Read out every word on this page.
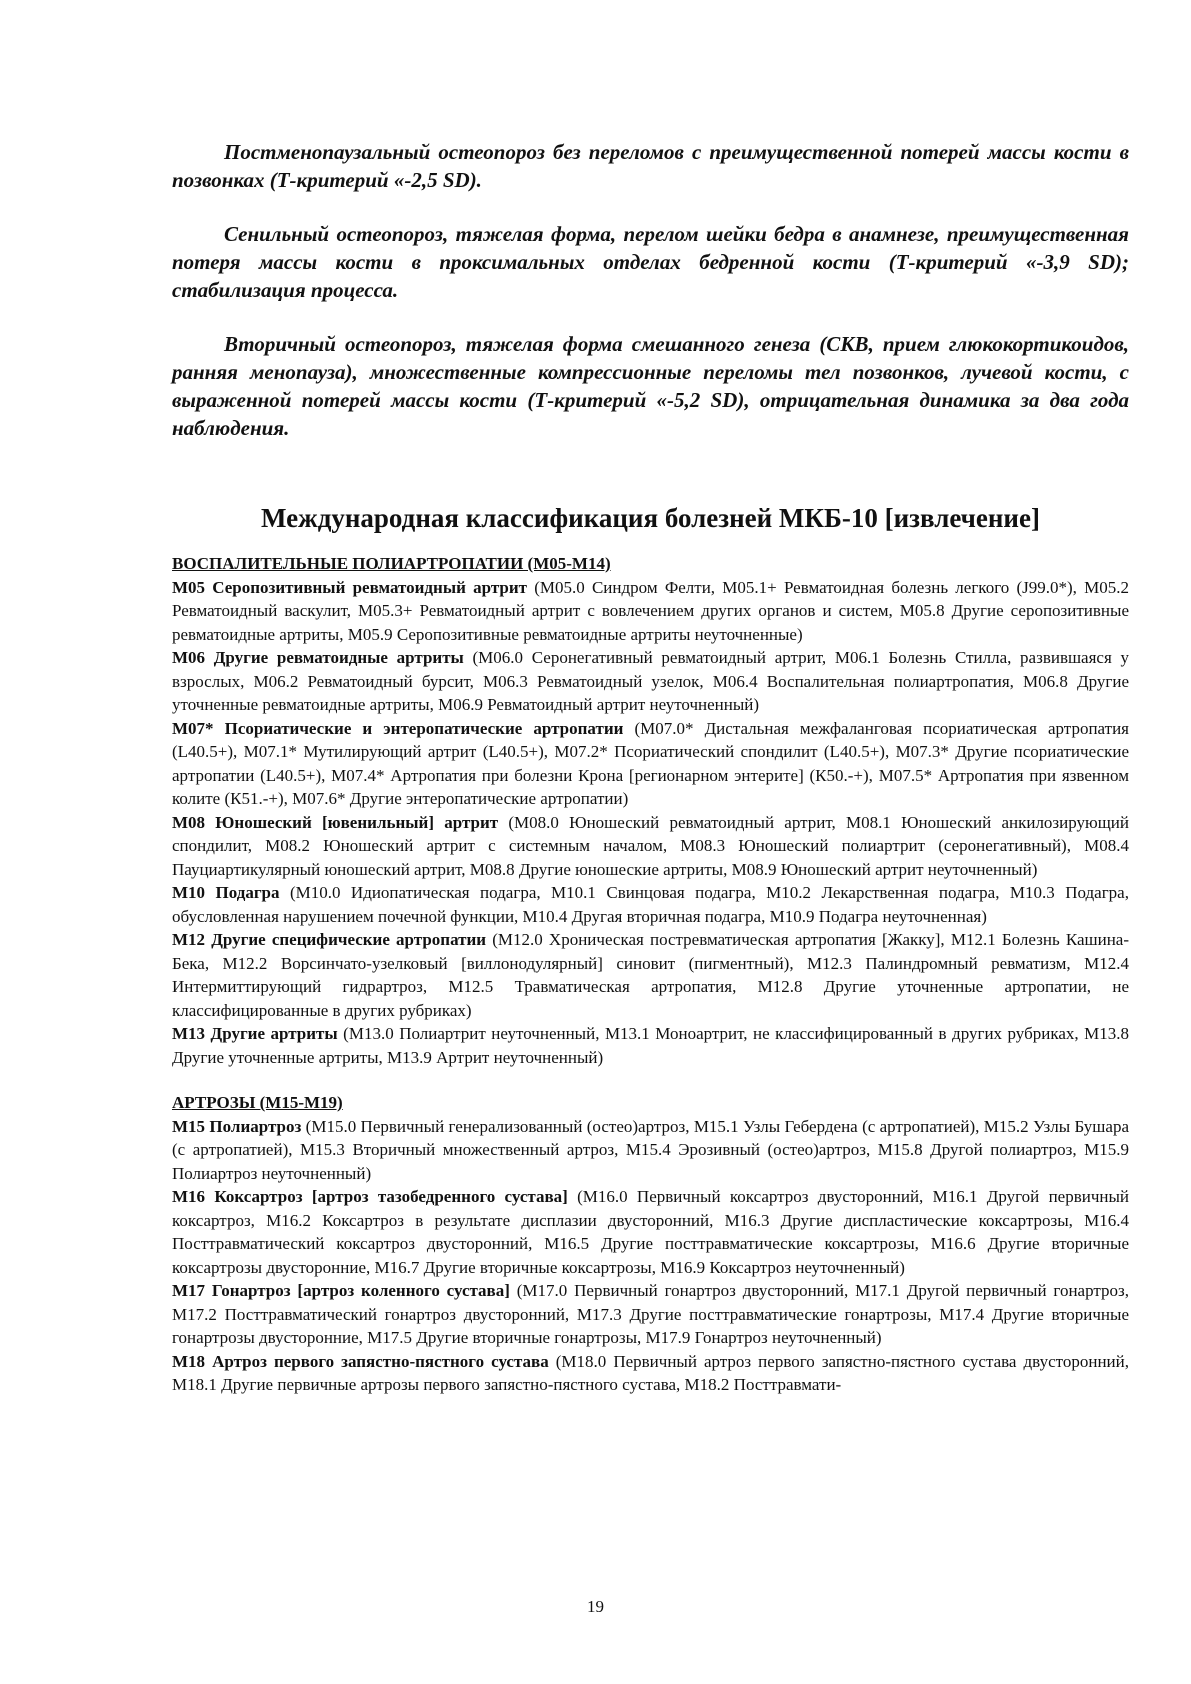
Постменопаузальный остеопороз без переломов с преимущественной потерей массы кости в позвонках (Т-критерий «-2,5 SD).

Сенильный остеопороз, тяжелая форма, перелом шейки бедра в анамнезе, преимущественная потеря массы кости в проксимальных отделах бедренной кости (Т-критерий «-3,9 SD); стабилизация процесса.

Вторичный остеопороз, тяжелая форма смешанного генеза (СКВ, прием глюкокортикоидов, ранняя менопауза), множественные компрессионные переломы тел позвонков, лучевой кости, с выраженной потерей массы кости (Т-критерий «-5,2 SD), отрицательная динамика за два года наблюдения.

Международная классификация болезней МКБ-10 [извлечение]

ВОСПАЛИТЕЛЬНЫЕ ПОЛИАРТРОПАТИИ (М05-М14)

М05 Серопозитивный ревматоидный артрит (М05.0 Синдром Фелти, М05.1+ Ревматоидная болезнь легкого (J99.0*), М05.2 Ревматоидный васкулит, М05.3+ Ревматоидный артрит с вовлечением других органов и систем, М05.8 Другие серопозитивные ревматоидные артриты, М05.9 Серопозитивные ревматоидные артриты неуточненные)

М06 Другие ревматоидные артриты (М06.0 Серонегативный ревматоидный артрит, М06.1 Болезнь Стилла, развившаяся у взрослых, М06.2 Ревматоидный бурсит, М06.3 Ревматоидный узелок, М06.4 Воспалительная полиартропатия, М06.8 Другие уточненные ревматоидные артриты, М06.9 Ревматоидный артрит неуточненный)

М07* Псориатические и энтеропатические артропатии (М07.0* Дистальная межфаланговая псориатическая артропатия (L40.5+), М07.1* Мутилирующий артрит (L40.5+), М07.2* Псориатический спондилит (L40.5+), М07.3* Другие псориатические артропатии (L40.5+), М07.4* Артропатия при болезни Крона [регионарном энтерите] (К50.-+), М07.5* Артропатия при язвенном колите (К51.-+), М07.6* Другие энтеропатические артропатии)

М08 Юношеский [ювенильный] артрит (М08.0 Юношеский ревматоидный артрит, М08.1 Юношеский анкилозирующий спондилит, М08.2 Юношеский артрит с системным началом, М08.3 Юношеский полиартрит (серонегативный), М08.4 Пауциартикулярный юношеский артрит, М08.8 Другие юношеские артриты, М08.9 Юношеский артрит неуточненный)

М10 Подагра (М10.0 Идиопатическая подагра, М10.1 Свинцовая подагра, М10.2 Лекарственная подагра, М10.3 Подагра, обусловленная нарушением почечной функции, М10.4 Другая вторичная подагра, М10.9 Подагра неуточненная)

М12 Другие специфические артропатии (М12.0 Хроническая постревматическая артропатия [Жакку], М12.1 Болезнь Кашина-Бека, М12.2 Ворсинчато-узелковый [виллонодулярный] синовит (пигментный), М12.3 Палиндромный ревматизм, М12.4 Интермиттирующий гидрартроз, М12.5 Травматическая артропатия, М12.8 Другие уточненные артропатии, не классифицированные в других рубриках)

М13 Другие артриты (М13.0 Полиартрит неуточненный, М13.1 Моноартрит, не классифицированный в других рубриках, М13.8 Другие уточненные артриты, М13.9 Артрит неуточненный)

АРТРОЗЫ (М15-М19)

М15 Полиартроз (М15.0 Первичный генерализованный (остео)артроз, М15.1 Узлы Гебердена (с артропатией), М15.2 Узлы Бушара (с артропатией), М15.3 Вторичный множественный артроз, М15.4 Эрозивный (остео)артроз, М15.8 Другой полиартроз, М15.9 Полиартроз неуточненный)

М16 Коксартроз [артроз тазобедренного сустава] (М16.0 Первичный коксартроз двусторонний, М16.1 Другой первичный коксартроз, М16.2 Коксартроз в результате дисплазии двусторонний, М16.3 Другие диспластические коксартрозы, М16.4 Посттравматический коксартроз двусторонний, М16.5 Другие посттравматические коксартрозы, М16.6 Другие вторичные коксартрозы двусторонние, М16.7 Другие вторичные коксартрозы, М16.9 Коксартроз неуточненный)

М17 Гонартроз [артроз коленного сустава] (М17.0 Первичный гонартроз двусторонний, М17.1 Другой первичный гонартроз, М17.2 Посттравматический гонартроз двусторонний, М17.3 Другие посттравматические гонартрозы, М17.4 Другие вторичные гонартрозы двусторонние, М17.5 Другие вторичные гонартрозы, М17.9 Гонартроз неуточненный)

М18 Артроз первого запястно-пястного сустава (М18.0 Первичный артроз первого запястно-пястного сустава двусторонний, М18.1 Другие первичные артрозы первого запястно-пястного сустава, М18.2 Посттравмати-

19
